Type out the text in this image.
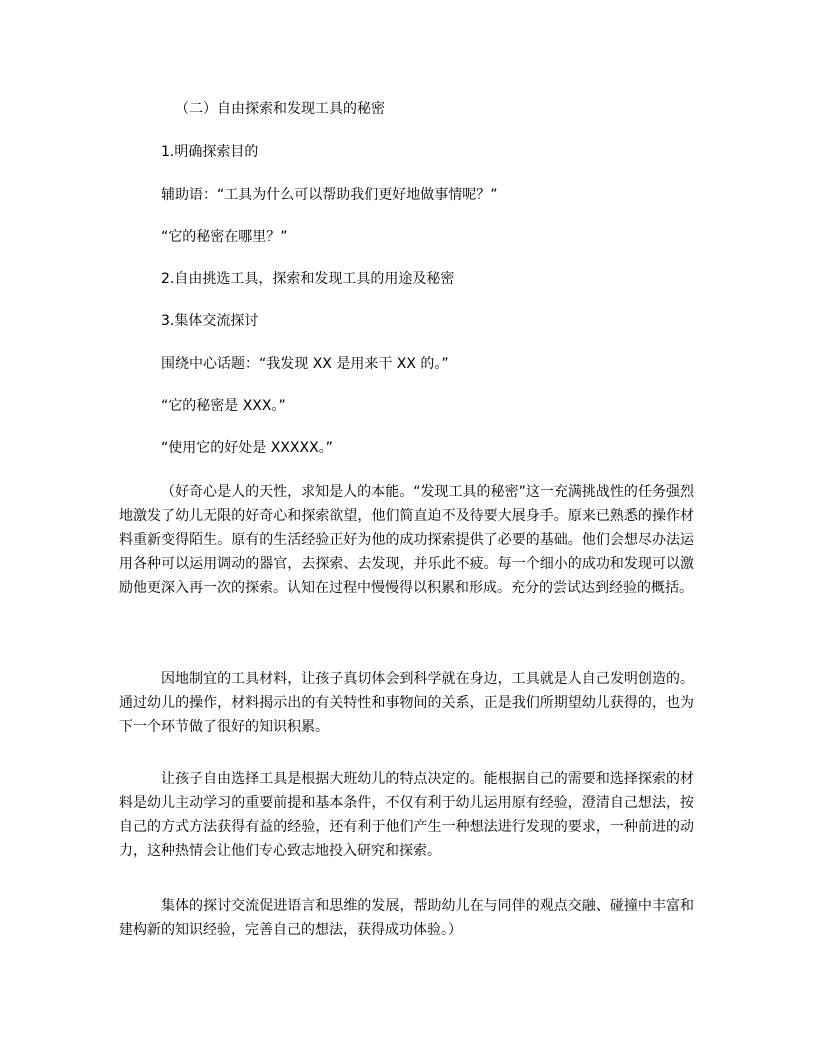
（二）自由探索和发现工具的秘密
1.明确探索目的
辅助语：“工具为什么可以帮助我们更好地做事情呢？”
“它的秘密在哪里？”
2.自由挑选工具，探索和发现工具的用途及秘密
3.集体交流探讨
围绕中心话题：“我发现 XX 是用来干 XX 的。”
“它的秘密是 XXX。”
“使用它的好处是 XXXXX。”
（好奇心是人的天性，求知是人的本能。“发现工具的秘密”这一充满挑战性的任务强烈地激发了幼儿无限的好奇心和探索欲望，他们简直迫不及待要大展身手。原来已熟悉的操作材料重新变得陌生。原有的生活经验正好为他的成功探索提供了必要的基础。他们会想尽办法运用各种可以运用调动的器官，去探索、去发现，并乐此不疲。每一个细小的成功和发现可以激励他更深入再一次的探索。认知在过程中慢慢得以积累和形成。充分的尝试达到经验的概括。
因地制宜的工具材料，让孩子真切体会到科学就在身边，工具就是人自己发明创造的。通过幼儿的操作，材料揭示出的有关特性和事物间的关系，正是我们所期望幼儿获得的，也为下一个环节做了很好的知识积累。
让孩子自由选择工具是根据大班幼儿的特点决定的。能根据自己的需要和选择探索的材料是幼儿主动学习的重要前提和基本条件，不仅有利于幼儿运用原有经验，澄清自己想法，按自己的方式方法获得有益的经验，还有利于他们产生一种想法进行发现的要求，一种前进的动力，这种热情会让他们专心致志地投入研究和探索。
集体的探讨交流促进语言和思维的发展，帮助幼儿在与同伴的观点交融、碰撞中丰富和建构新的知识经验，完善自己的想法，获得成功体验。）
